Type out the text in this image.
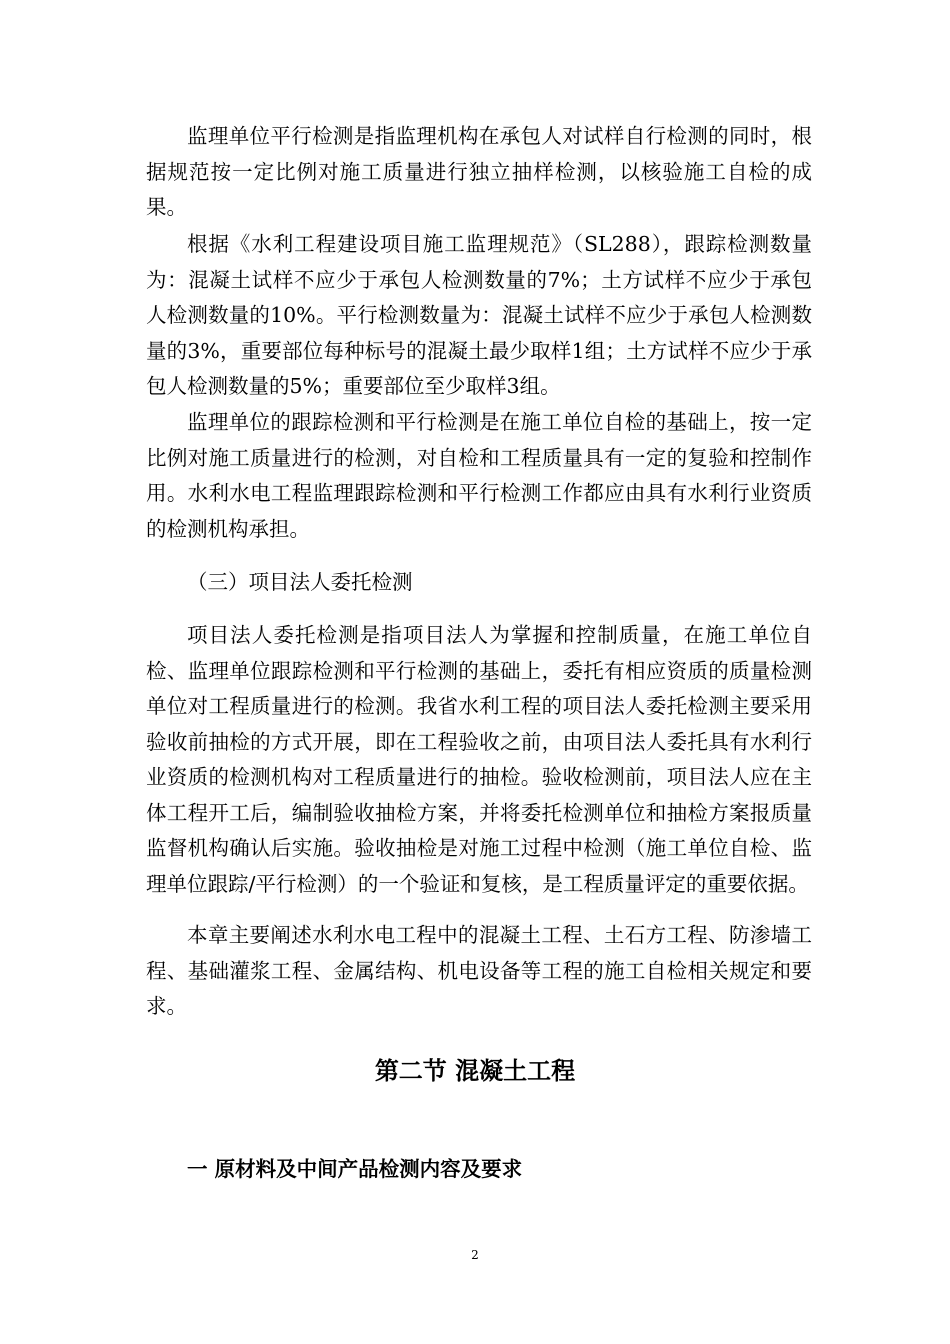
监理单位平行检测是指监理机构在承包人对试样自行检测的同时，根据规范按一定比例对施工质量进行独立抽样检测，以核验施工自检的成果。

根据《水利工程建设项目施工监理规范》（SL288），跟踪检测数量为：混凝土试样不应少于承包人检测数量的7%；土方试样不应少于承包人检测数量的10%。平行检测数量为：混凝土试样不应少于承包人检测数量的3%，重要部位每种标号的混凝土最少取样1组；土方试样不应少于承包人检测数量的5%；重要部位至少取样3组。

监理单位的跟踪检测和平行检测是在施工单位自检的基础上，按一定比例对施工质量进行的检测，对自检和工程质量具有一定的复验和控制作用。水利水电工程监理跟踪检测和平行检测工作都应由具有水利行业资质的检测机构承担。

（三）项目法人委托检测

项目法人委托检测是指项目法人为掌握和控制质量，在施工单位自检、监理单位跟踪检测和平行检测的基础上，委托有相应资质的质量检测单位对工程质量进行的检测。我省水利工程的项目法人委托检测主要采用验收前抽检的方式开展，即在工程验收之前，由项目法人委托具有水利行业资质的检测机构对工程质量进行的抽检。验收检测前，项目法人应在主体工程开工后，编制验收抽检方案，并将委托检测单位和抽检方案报质量监督机构确认后实施。验收抽检是对施工过程中检测（施工单位自检、监理单位跟踪/平行检测）的一个验证和复核，是工程质量评定的重要依据。

本章主要阐述水利水电工程中的混凝土工程、土石方工程、防渗墙工程、基础灌浆工程、金属结构、机电设备等工程的施工自检相关规定和要求。

第二节 混凝土工程

一 原材料及中间产品检测内容及要求

2
